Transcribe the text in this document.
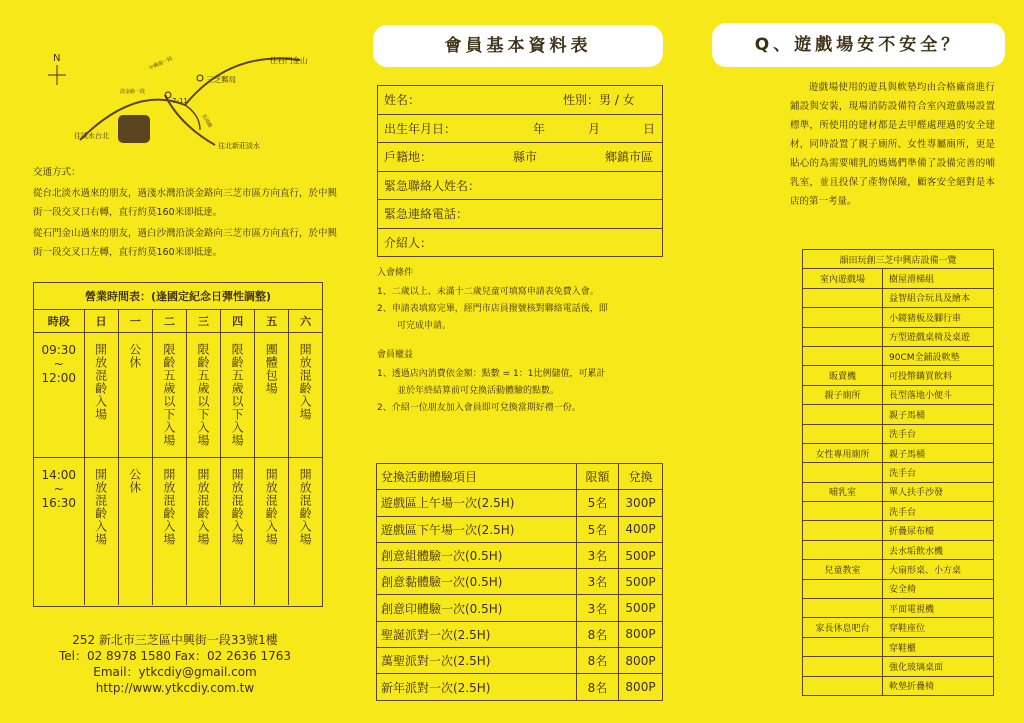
N	往石門金山
三芝郵局
7-11
往淡水台北
往北新莊淡水
淡金路一段
中興街一段
北淡路

交通方式：

從台北淡水過來的朋友，過淺水灣沿淡金路向三芝市區方向直行，於中興街一段交叉口右轉，直行約莫160米即抵達。

從石門金山過來的朋友，過白沙灣沿淡金路向三芝市區方向直行，於中興街一段交叉口左轉，直行約莫160米即抵達。

營業時間表：(逢國定紀念日彈性調整)
時段	日	一	二	三	四	五	六

09:30
~
12:00	開放混齡入場	公休	限齡五歲以下入場	限齡五歲以下入場	限齡五歲以下入場	團體包場	開放混齡入場

14:00
~
16:30	開放混齡入場	公休	開放混齡入場	開放混齡入場	開放混齡入場	開放混齡入場	開放混齡入場
252 新北市三芝區中興街一段33號1樓
Tel：02 8978 1580 Fax：02 2636 1763
Email：ytkcdiy@gmail.com
http://www.ytkcdiy.com.tw
會員基本資料表
姓名：	性別：男 / 女
出生年月日：	年	月	日
戶籍地：	縣市	鄉鎮市區
緊急聯絡人姓名：
緊急連絡電話：
介紹人：
入會條件
1、二歲以上、未滿十二歲兒童可填寫申請表免費入會。
2、申請表填寫完畢，經門市店員撥號核對聯絡電話後，即
可完成申請。
會員權益
1、透過店內消費依金額：點數 = 1：1比例儲值，可累計
並於年終結算前可兌換活動體驗的點數。
2、介紹一位朋友加入會員即可兌換當期好禮一份。
兌換活動體驗項目	限額	兌換
遊戲區上午場一次(2.5H)	5名	300P
遊戲區下午場一次(2.5H)	5名	400P
創意組體驗一次(0.5H)	3名	500P
創意黏體驗一次(0.5H)	3名	500P
創意印體驗一次(0.5H)	3名	500P
聖誕派對一次(2.5H)	8名	800P
萬聖派對一次(2.5H)	8名	800P
新年派對一次(2.5H)	8名	800P
Q、遊戲場安不安全？
遊戲場使用的遊具與軟墊均由合格廠商進行鋪設與安裝，現場消防設備符合室內遊戲場設置標準，所使用的建材都是去甲醛處理過的安全建材，同時設置了親子廁所、女性專屬廁所，更是貼心的為需要哺乳的媽媽們準備了設備完善的哺乳室，並且投保了產物保險，顧客安全絕對是本店的第一考量。
韻田玩創三芝中興店設備一覽	
室內遊戲場	樹屋滑梯組
	益智組合玩具及繪本
	小鏡豬板及腳行車
	方型遊戲桌椅及桌遊
	90CM全鋪設軟墊
販賣機	可投幣購買飲料
親子廁所	長型落地小便斗
	親子馬桶
	洗手台
女性專用廁所	親子馬桶
	洗手台
哺乳室	單人扶手沙發
	洗手台
	折疊尿布檯
	去水垢飲水機
兒童教室	大扇形桌、小方桌
	安全椅
	平面電視機
家長休息吧台	穿鞋座位
	穿鞋櫃
	強化玻璃桌面
	軟墊折疊椅
